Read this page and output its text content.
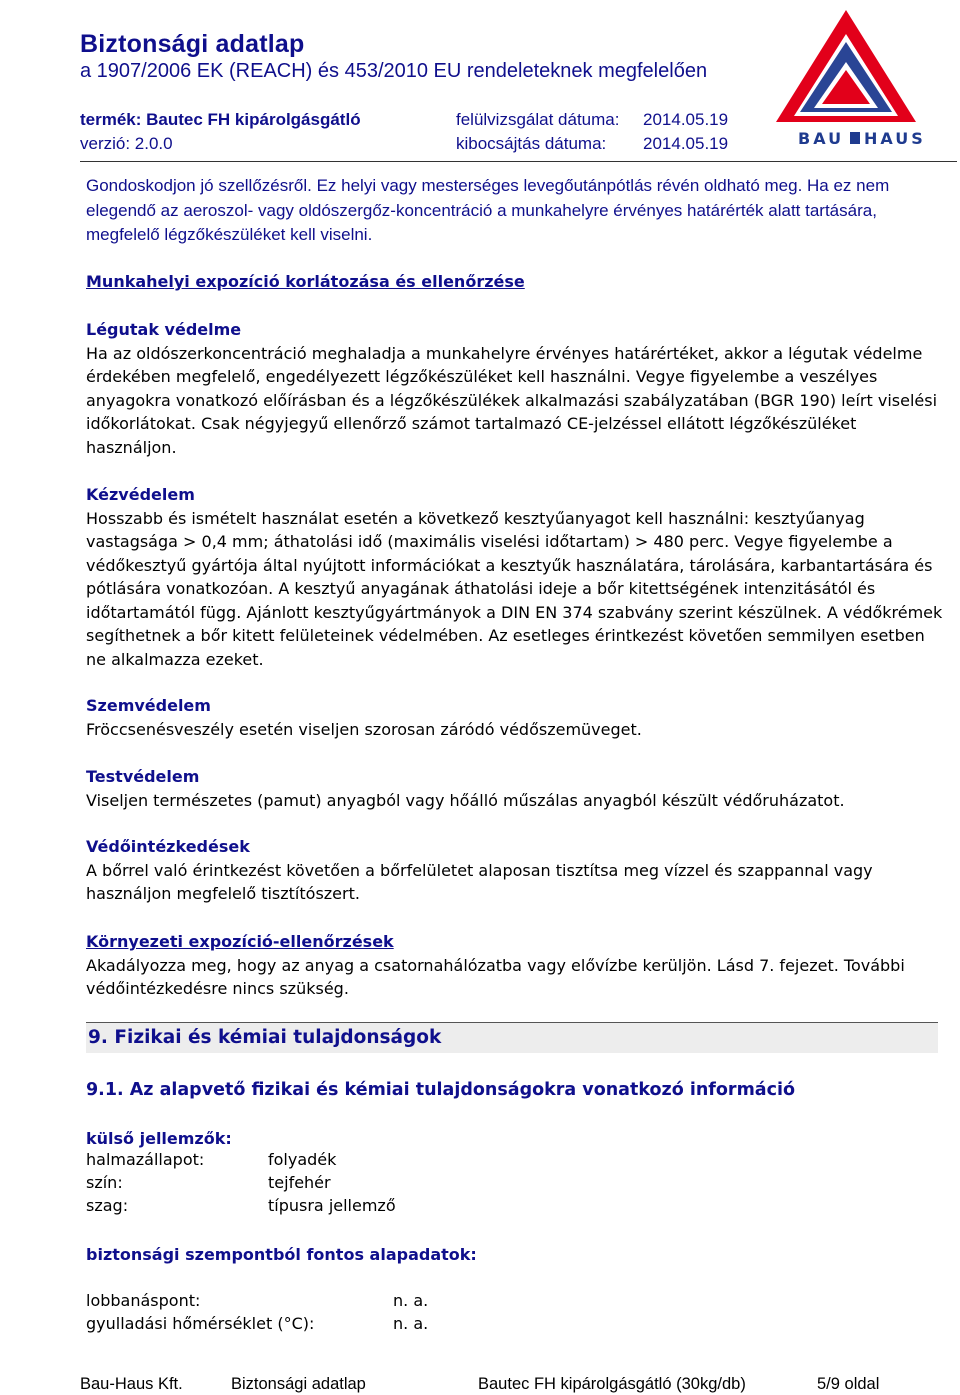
Biztonsági adatlap
a 1907/2006 EK (REACH) és 453/2010 EU rendeleteknek megfelelően
termék: Bautec FH kipárolgásgátló
verzió: 2.0.0
felülvizsgálat dátuma: 2014.05.19
kibocsájtás dátuma: 2014.05.19	BAU HAUS
Gondoskodjon jó szellőzésről. Ez helyi vagy mesterséges levegőutánpótlás révén oldható meg. Ha ez nem elegendő az aeroszol- vagy oldószergőz-koncentráció a munkahelyre érvényes határérték alatt tartására, megfelelő légzőkészüléket kell viselni.
Munkahelyi expozíció korlátozása és ellenőrzése
Légutak védelme
Ha az oldószerkoncentráció meghaladja a munkahelyre érvényes határértéket, akkor a légutak védelme érdekében megfelelő, engedélyezett légzőkészüléket kell használni. Vegye figyelembe a veszélyes anyagokra vonatkozó előírásban és a légzőkészülékek alkalmazási szabályzatában (BGR 190) leírt viselési időkorlátokat. Csak négyjegyű ellenőrző számot tartalmazó CE-jelzéssel ellátott légzőkészüléket használjon.
Kézvédelem
Hosszabb és ismételt használat esetén a következő kesztyűanyagot kell használni: kesztyűanyag vastagsága > 0,4 mm; áthatolási idő (maximális viselési időtartam) > 480 perc. Vegye figyelembe a védőkesztyű gyártója által nyújtott információkat a kesztyűk használatára, tárolására, karbantartására és pótlására vonatkozóan. A kesztyű anyagának áthatolási ideje a bőr kitettségének intenzitásától és időtartamától függ. Ajánlott kesztyűgyártmányok a DIN EN 374 szabvány szerint készülnek. A védőkrémek segíthetnek a bőr kitett felületeinek védelmében. Az esetleges érintkezést követően semmilyen esetben ne alkalmazza ezeket.
Szemvédelem
Fröccsenésveszély esetén viseljen szorosan záródó védőszemüveget.
Testvédelem
Viseljen természetes (pamut) anyagból vagy hőálló műszálas anyagból készült védőruházatot.
Védőintézkedések
A bőrrel való érintkezést követően a bőrfelületet alaposan tisztítsa meg vízzel és szappannal vagy használjon megfelelő tisztítószert.
Környezeti expozíció-ellenőrzések
Akadályozza meg, hogy az anyag a csatornahálózatba vagy elővízbe kerüljön. Lásd 7. fejezet. További védőintézkedésre nincs szükség.
9. Fizikai és kémiai tulajdonságok
9.1. Az alapvető fizikai és kémiai tulajdonságokra vonatkozó információ
külső jellemzők:
halmazállapot:	folyadék
szín:	tejfehér
szag:	típusra jellemző
biztonsági szempontból fontos alapadatok:
lobbanáspont:	n. a.
gyulladási hőmérséklet (°C):	n. a.
Bau-Haus Kft.	Biztonsági adatlap	Bautec FH kipárolgásgátló (30kg/db)	5/9 oldal
